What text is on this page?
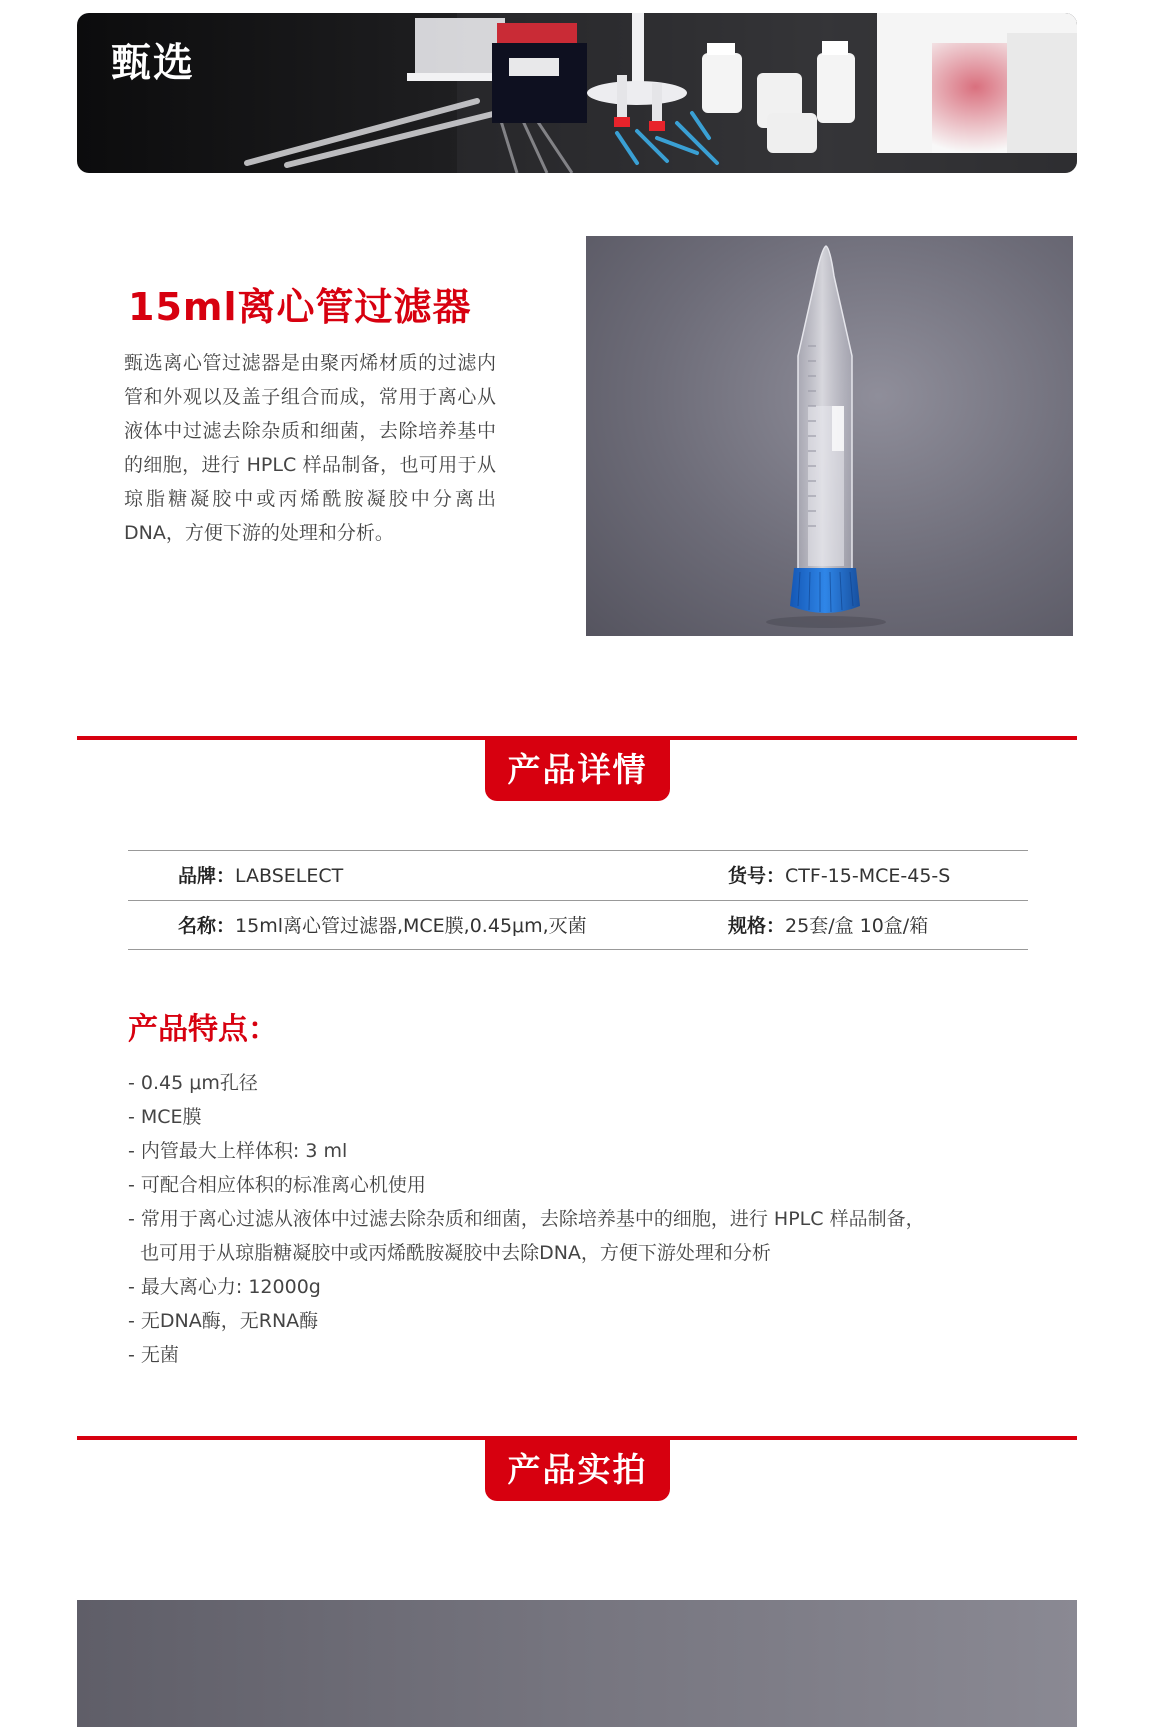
甄选
15ml离心管过滤器

甄选离心管过滤器是由聚丙烯材质的过滤内管和外观以及盖子组合而成，常用于离心从液体中过滤去除杂质和细菌，去除培养基中的细胞，进行 HPLC 样品制备，也可用于从琼脂糖凝胶中或丙烯酰胺凝胶中分离出DNA，方便下游的处理和分析。

产品详情
品牌：LABSELECT	货号：CTF-15-MCE-45-S
名称：15ml离心管过滤器,MCE膜,0.45μm,灭菌	规格：25套/盒 10盒/箱
产品特点：
- 0.45 μm孔径
- MCE膜
- 内管最大上样体积: 3 ml
- 可配合相应体积的标准离心机使用
- 常用于离心过滤从液体中过滤去除杂质和细菌，去除培养基中的细胞，进行 HPLC 样品制备，
也可用于从琼脂糖凝胶中或丙烯酰胺凝胶中去除DNA，方便下游处理和分析
- 最大离心力: 12000g
- 无DNA酶，无RNA酶
- 无菌
产品实拍
